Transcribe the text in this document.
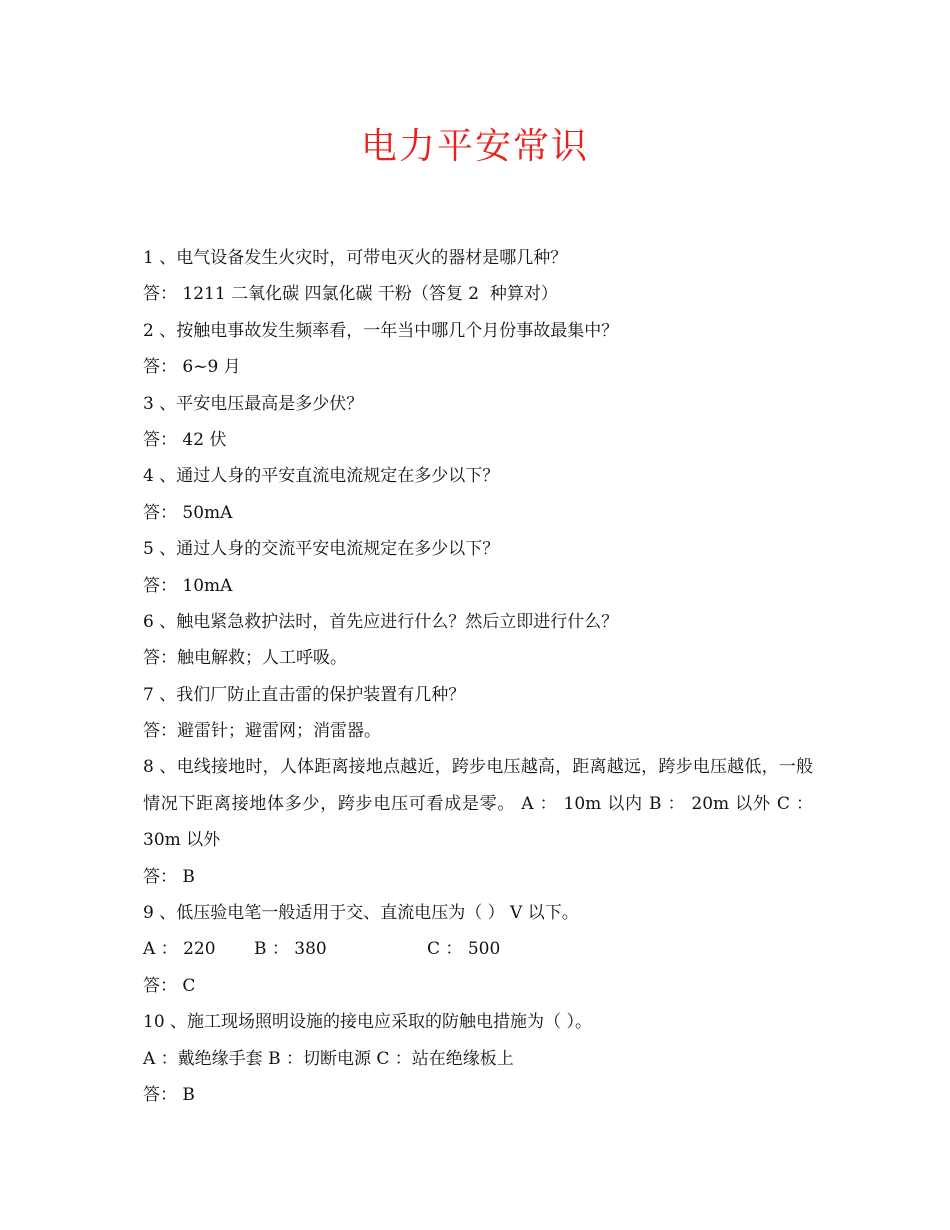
电力平安常识
1 、电气设备发生火灾时，可带电灭火的器材是哪几种？
答： 1211 二氧化碳 四氯化碳 干粉（答复 2  种算对）
2 、按触电事故发生频率看，一年当中哪几个月份事故最集中？
答： 6~9 月
3 、平安电压最高是多少伏？
答： 42 伏
4 、通过人身的平安直流电流规定在多少以下？
答： 50mA
5 、通过人身的交流平安电流规定在多少以下？
答： 10mA
6 、触电紧急救护法时，首先应进行什么？然后立即进行什么？
答：触电解救；人工呼吸。
7 、我们厂防止直击雷的保护装置有几种？
答：避雷针；避雷网；消雷器。
8 、电线接地时，人体距离接地点越近，跨步电压越高，距离越远，跨步电压越低，一般情况下距离接地体多少，跨步电压可看成是零。 A ： 10m 以内 B ： 20m 以外 C ： 30m 以外
答： B
9 、低压验电笔一般适用于交、直流电压为（ ） V 以下。
A ： 220	B ： 380	C ： 500
答： C
10 、施工现场照明设施的接电应采取的防触电措施为（ ）。
A ：戴绝缘手套 B ：切断电源 C ：站在绝缘板上
答： B
